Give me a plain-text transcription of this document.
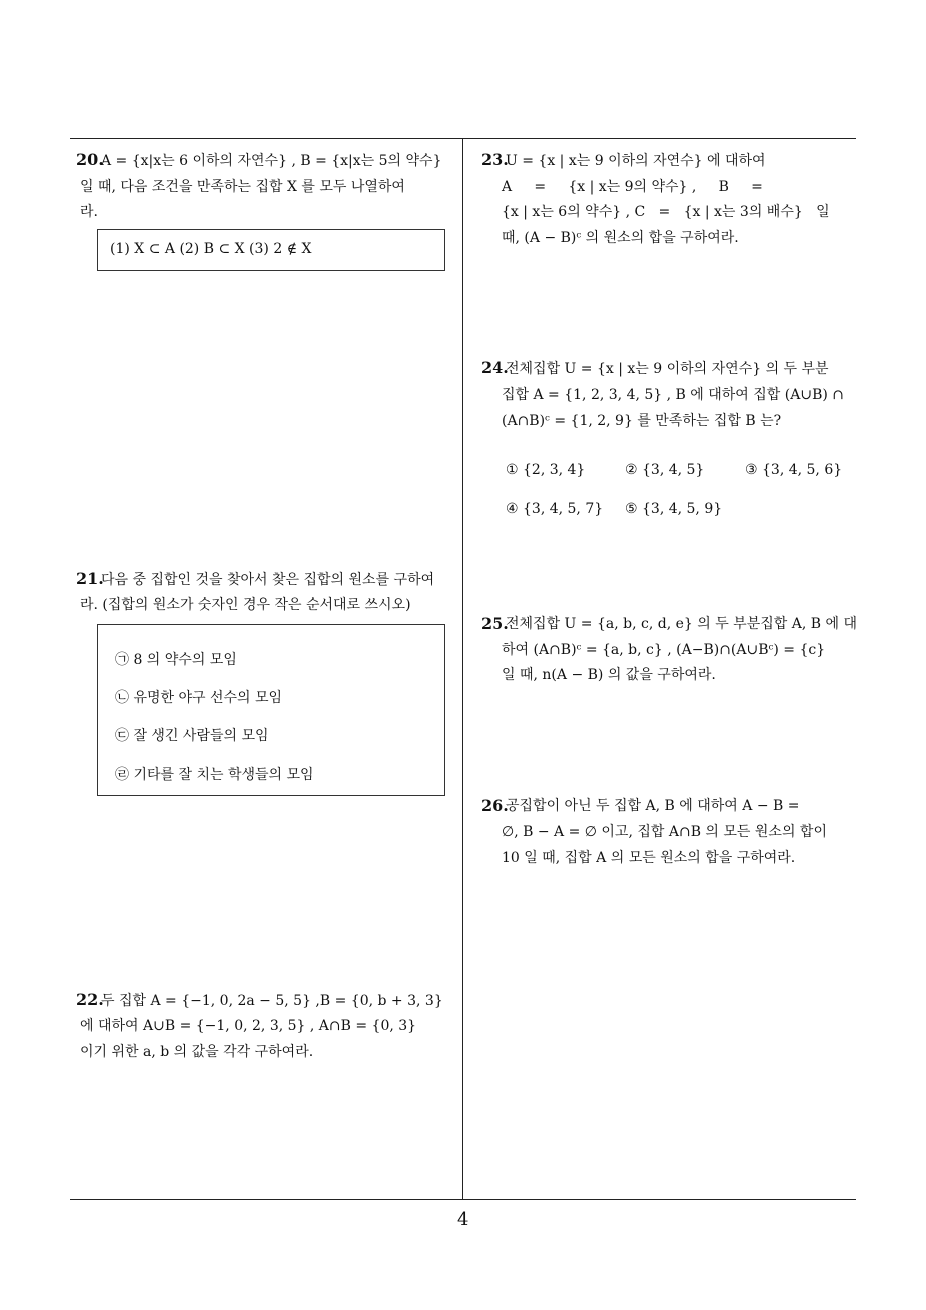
20.
A = {x|x는 6 이하의 자연수} , B = {x|x는 5의 약수}
일 때, 다음 조건을 만족하는 집합 X 를 모두 나열하여
라.
(1) X ⊂ A (2) B ⊂ X (3) 2 ∉ X
21.
다음 중 집합인 것을 찾아서 찾은 집합의 원소를 구하여
라. (집합의 원소가 숫자인 경우 작은 순서대로 쓰시오)
㉠ 8 의 약수의 모임
㉡ 유명한 야구 선수의 모임
㉢ 잘 생긴 사람들의 모임
㉣ 기타를 잘 치는 학생들의 모임
22.
두 집합 A = {−1, 0, 2a − 5, 5} ,B = {0, b + 3, 3}
에 대하여 A∪B = {−1, 0, 2, 3, 5} , A∩B = {0, 3}
이기 위한 a, b 의 값을 각각 구하여라.
23.
U = {x | x는 9 이하의 자연수} 에 대하여
A     =     {x | x는 9의 약수} ,     B     =
{x | x는 6의 약수} , C   =   {x | x는 3의 배수}   일
때, (A − B)ᶜ 의 원소의 합을 구하여라.
24.
전체집합 U = {x | x는 9 이하의 자연수} 의 두 부분
집합 A = {1, 2, 3, 4, 5} , B 에 대하여 집합 (A∪B) ∩
(A∩B)ᶜ = {1, 2, 9} 를 만족하는 집합 B 는?
① {2, 3, 4}	② {3, 4, 5}	③ {3, 4, 5, 6}
④ {3, 4, 5, 7} ⑤ {3, 4, 5, 9}
25.
전체집합 U = {a, b, c, d, e} 의 두 부분집합 A, B 에 대
하여 (A∩B)ᶜ = {a, b, c} , (A−B)∩(A∪Bᶜ) = {c}
일 때, n(A − B) 의 값을 구하여라.
26.
공집합이 아닌 두 집합 A, B 에 대하여 A − B =
∅, B − A = ∅ 이고, 집합 A∩B 의 모든 원소의 합이
10 일 때, 집합 A 의 모든 원소의 합을 구하여라.
4
